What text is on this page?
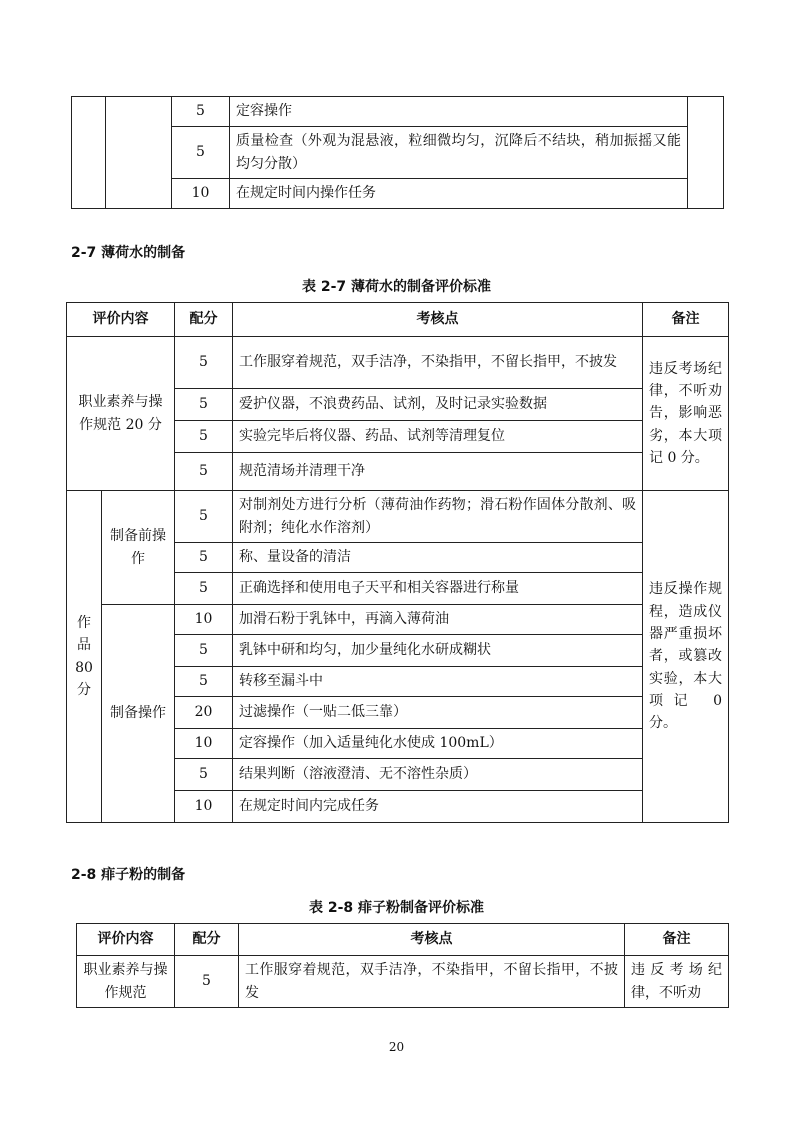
		5	定容操作	
		5	质量检查（外观为混悬液，粒细微均匀，沉降后不结块，稍加振摇又能均匀分散）	
		10	在规定时间内操作任务	
2-7 薄荷水的制备
表 2-7 薄荷水的制备评价标准
评价内容		配分	考核点	备注
职业素养与操作规范 20 分		5	工作服穿着规范，双手洁净，不染指甲，不留长指甲，不披发	违反考场纪律，不听劝告，影响恶劣，本大项记 0 分。
		5	爱护仪器，不浪费药品、试剂，及时记录实验数据	
		5	实验完毕后将仪器、药品、试剂等清理复位	
		5	规范清场并清理干净	
作品 80 分	制备前操作	5	对制剂处方进行分析（薄荷油作药物；滑石粉作固体分散剂、吸附剂；纯化水作溶剂）	违反操作规程，造成仪器严重损坏者，或篡改实验，本大项记 0 分。
		5	称、量设备的清洁	
		5	正确选择和使用电子天平和相关容器进行称量	
	制备操作	10	加滑石粉于乳钵中，再滴入薄荷油	
		5	乳钵中研和均匀，加少量纯化水研成糊状	
		5	转移至漏斗中	
		20	过滤操作（一贴二低三靠）	
		10	定容操作（加入适量纯化水使成 100mL）	
		5	结果判断（溶液澄清、无不溶性杂质）	
		10	在规定时间内完成任务	
2-8 痱子粉的制备
表 2-8 痱子粉制备评价标准
评价内容	配分	考核点	备注
职业素养与操作规范	5	工作服穿着规范，双手洁净，不染指甲，不留长指甲，不披发	违反考场纪律，不听劝
20
